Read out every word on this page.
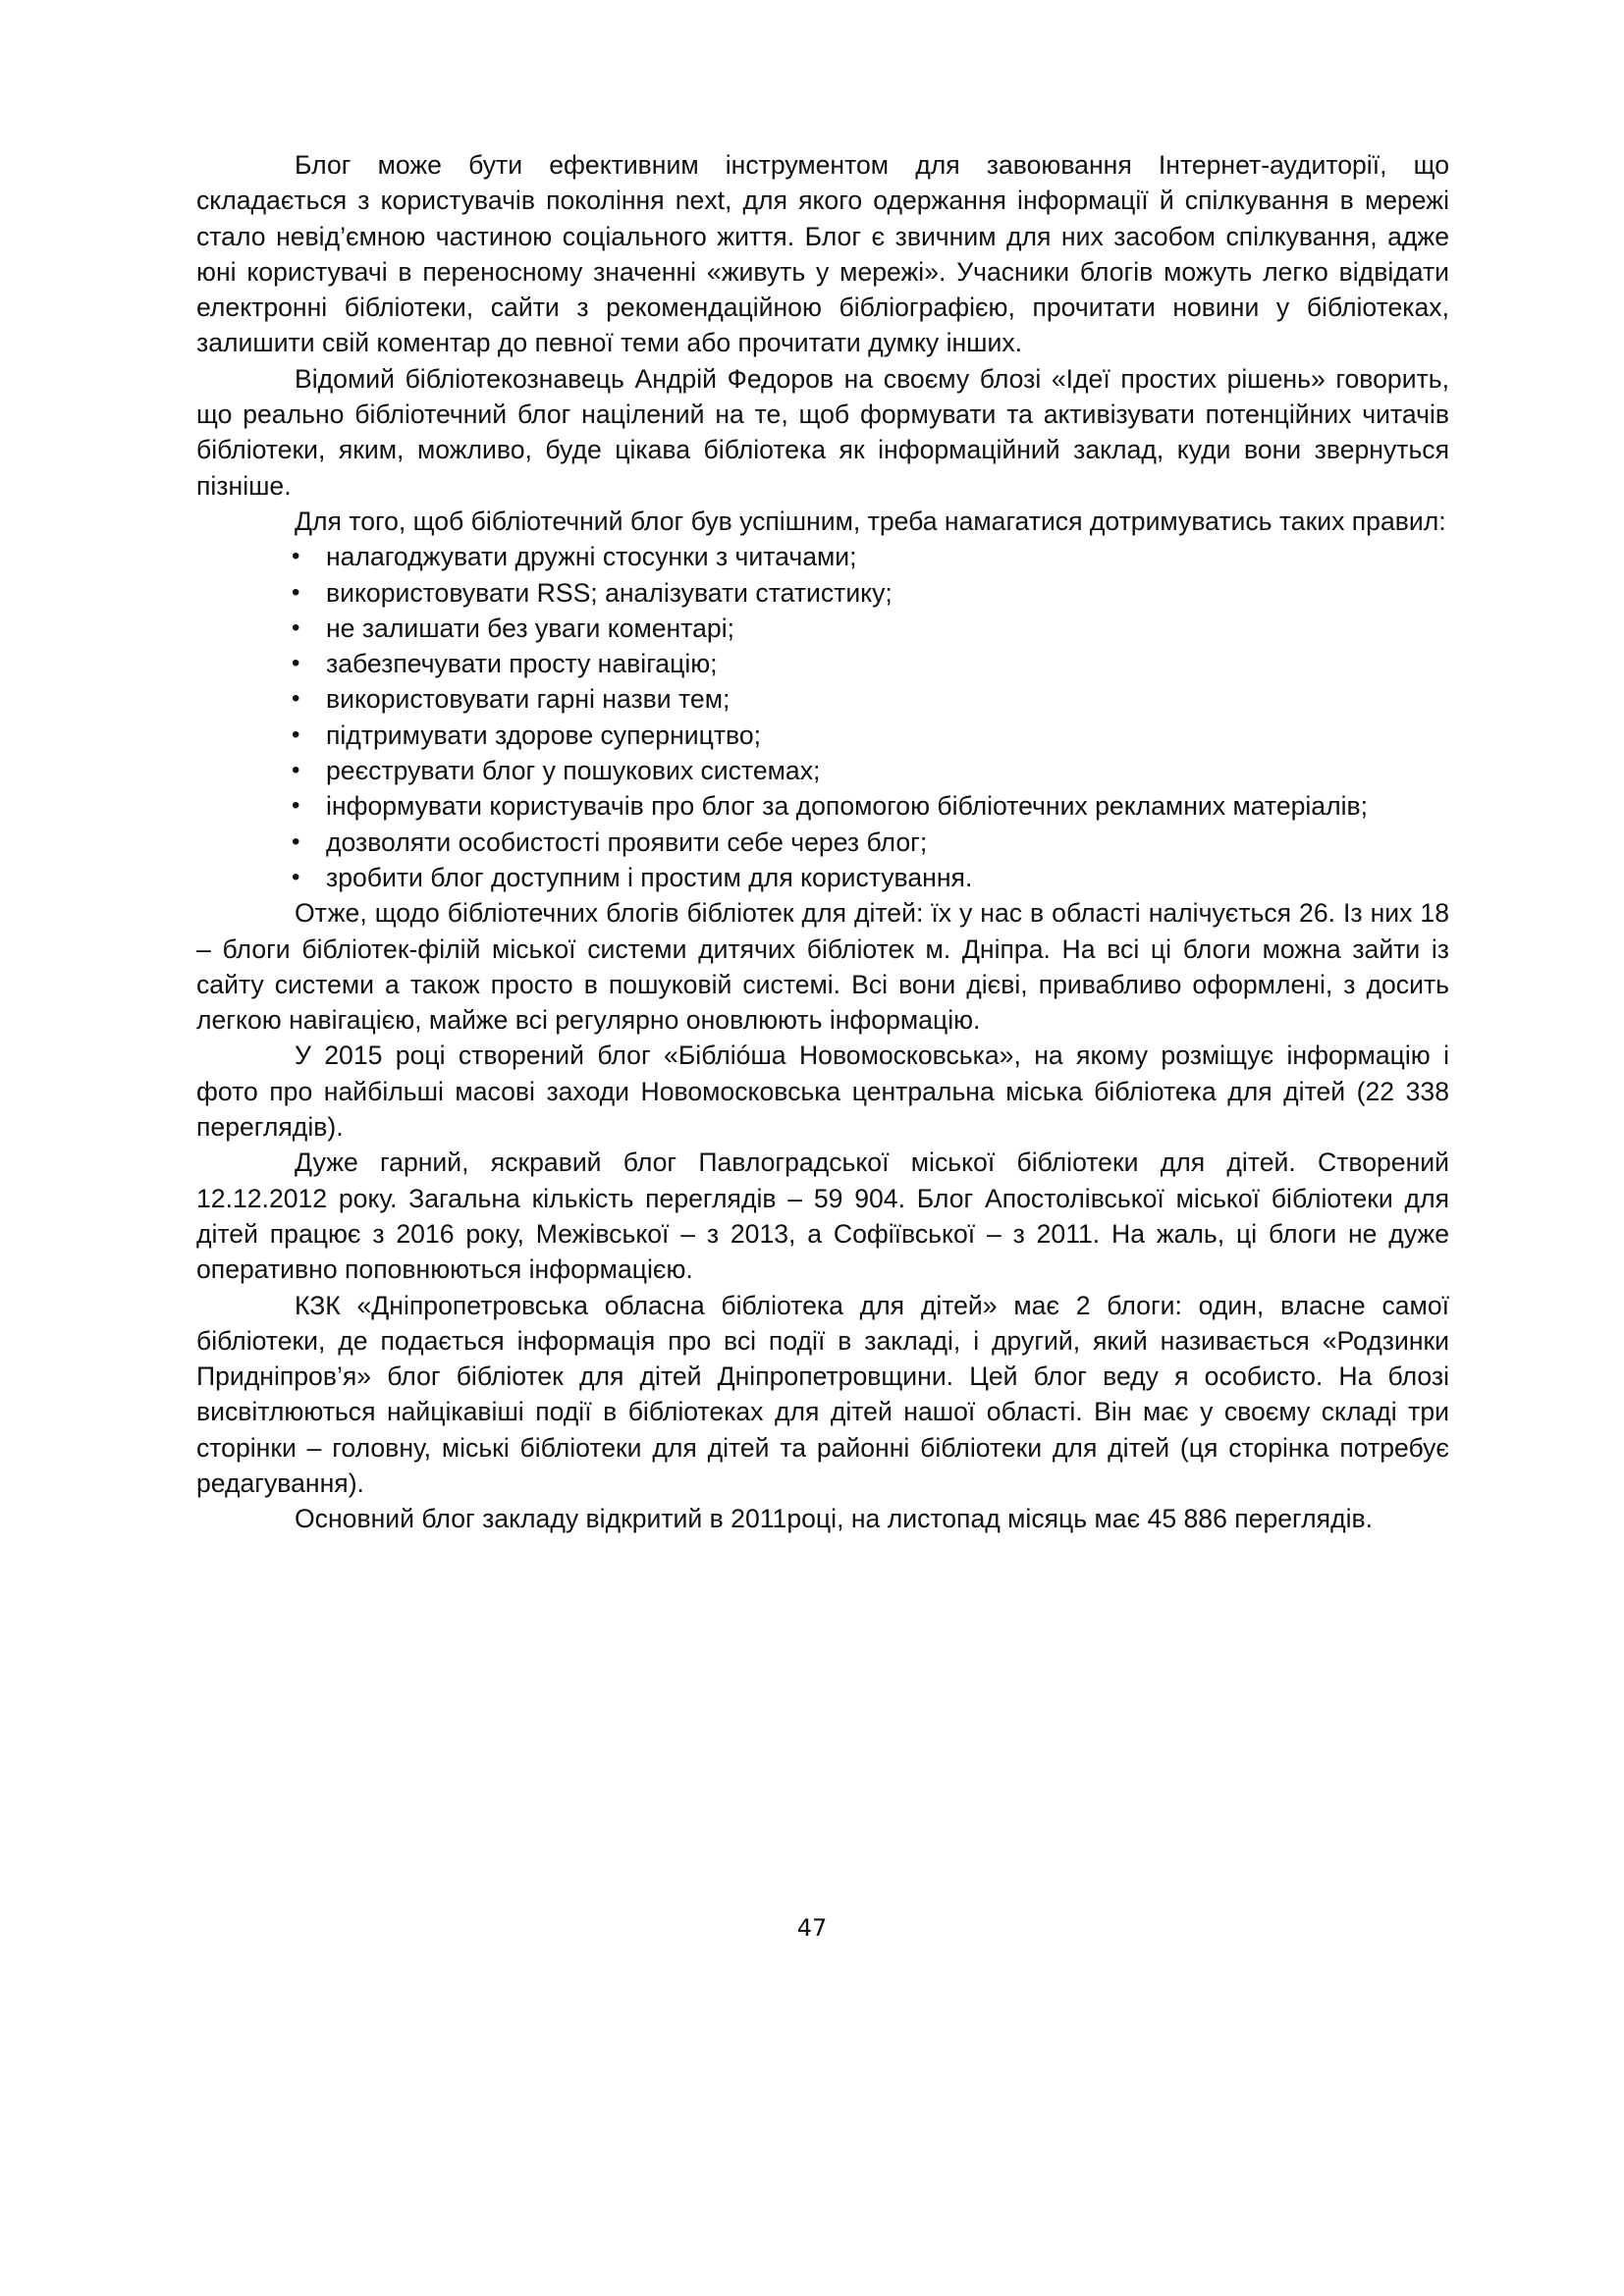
Блог може бути ефективним інструментом для завоювання Інтернет-аудиторії, що складається з користувачів покоління next, для якого одержання інформації й спілкування в мережі стало невід’ємною частиною соціального життя. Блог є звичним для них засобом спілкування, адже юні користувачі в переносному значенні «живуть у мережі». Учасники блогів можуть легко відвідати електронні бібліотеки, сайти з рекомендаційною бібліографією, прочитати новини у бібліотеках, залишити свій коментар до певної теми або прочитати думку інших.

Відомий бібліотекознавець Андрій Федоров на своєму блозі «Ідеї простих рішень» говорить, що реально бібліотечний блог націлений на те, щоб формувати та активізувати потенційних читачів бібліотеки, яким, можливо, буде цікава бібліотека як інформаційний заклад, куди вони звернуться пізніше.

Для того, щоб бібліотечний блог був успішним, треба намагатися дотримуватись таких правил:

• налагоджувати дружні стосунки з читачами;
• використовувати RSS; аналізувати статистику;
• не залишати без уваги коментарі;
• забезпечувати просту навігацію;
• використовувати гарні назви тем;
• підтримувати здорове суперництво;
• реєструвати блог у пошукових системах;
• інформувати користувачів про блог за допомогою бібліотечних рекламних матеріалів;
• дозволяти особистості проявити себе через блог;
• зробити блог доступним і простим для користування.

Отже, щодо бібліотечних блогів бібліотек для дітей: їх у нас в області налічується 26. Із них 18 – блоги бібліотек-філій міської системи дитячих бібліотек м. Дніпра. На всі ці блоги можна зайти із сайту системи а також просто в пошуковій системі. Всі вони дієві, привабливо оформлені, з досить легкою навігацією, майже всі регулярно оновлюють інформацію.

У 2015 році створений блог «Бібліóша Новомосковська», на якому розміщує інформацію і фото про найбільші масові заходи Новомосковська центральна міська бібліотека для дітей (22 338 переглядів).

Дуже гарний, яскравий блог Павлоградської міської бібліотеки для дітей. Створений 12.12.2012 року. Загальна кількість переглядів – 59 904. Блог Апостолівської міської бібліотеки для дітей працює з 2016 року, Межівської – з 2013, а Софіївської – з 2011. На жаль, ці блоги не дуже оперативно поповнюються інформацією.

КЗК «Дніпропетровська обласна бібліотека для дітей» має 2 блоги: один, власне самої бібліотеки, де подається інформація про всі події в закладі, і другий, який називається «Родзинки Придніпров’я» блог бібліотек для дітей Дніпропетровщини. Цей блог веду я особисто. На блозі висвітлюються найцікавіші події в бібліотеках для дітей нашої області. Він має у своєму складі три сторінки – головну, міські бібліотеки для дітей та районні бібліотеки для дітей (ця сторінка потребує редагування).

Основний блог закладу відкритий в 2011році, на листопад місяць має 45 886 переглядів.

47
